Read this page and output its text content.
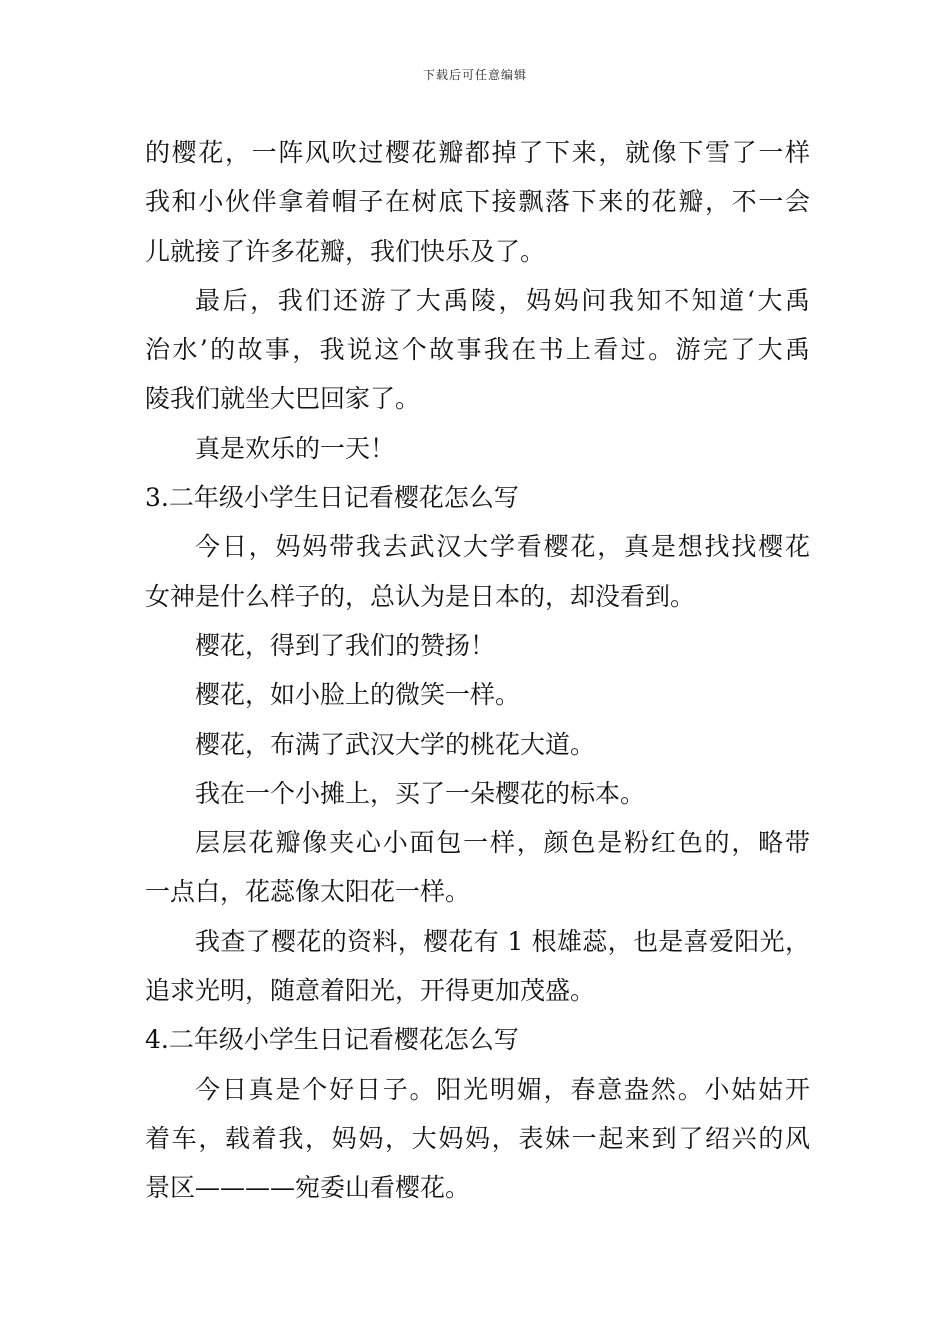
下载后可任意编辑
的樱花，一阵风吹过樱花瓣都掉了下来，就像下雪了一样
我和小伙伴拿着帽子在树底下接飘落下来的花瓣，不一会
儿就接了许多花瓣，我们快乐及了。
最后，我们还游了大禹陵，妈妈问我知不知道‘大禹
治水’的故事，我说这个故事我在书上看过。游完了大禹
陵我们就坐大巴回家了。
真是欢乐的一天！
3.二年级小学生日记看樱花怎么写
今日，妈妈带我去武汉大学看樱花，真是想找找樱花
女神是什么样子的，总认为是日本的，却没看到。
樱花，得到了我们的赞扬！
樱花，如小脸上的微笑一样。
樱花，布满了武汉大学的桃花大道。
我在一个小摊上，买了一朵樱花的标本。
层层花瓣像夹心小面包一样，颜色是粉红色的，略带
一点白，花蕊像太阳花一样。
我查了樱花的资料，樱花有 1 根雄蕊，也是喜爱阳光，
追求光明，随意着阳光，开得更加茂盛。
4.二年级小学生日记看樱花怎么写
今日真是个好日子。阳光明媚，春意盎然。小姑姑开
着车，载着我，妈妈，大妈妈，表妹一起来到了绍兴的风
景区————宛委山看樱花。
